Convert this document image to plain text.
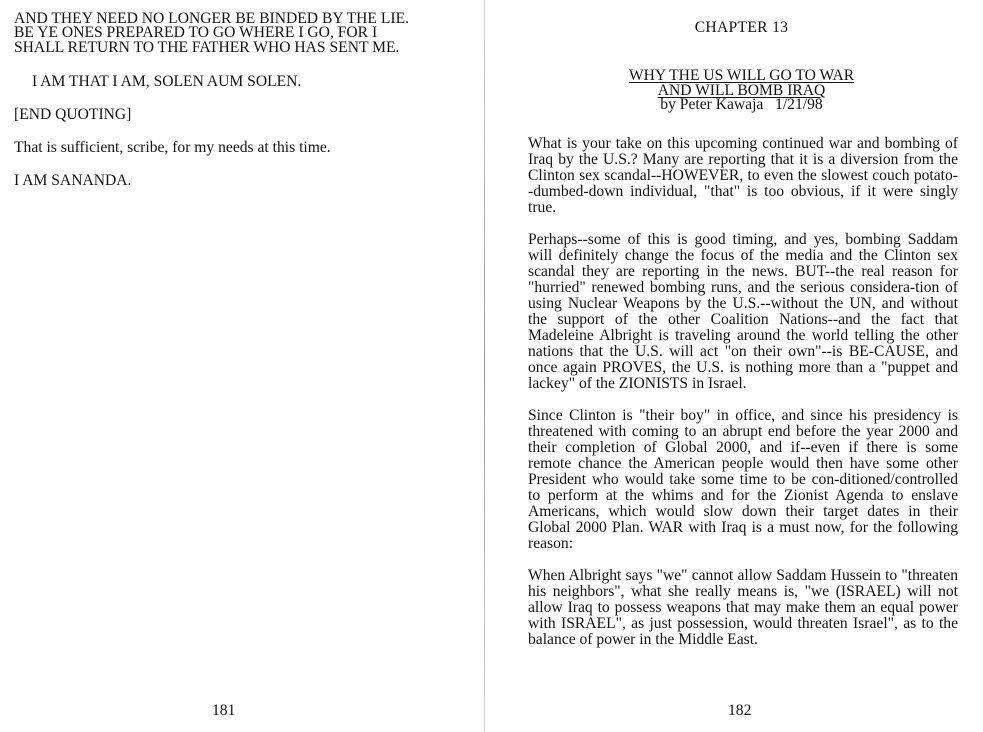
AND THEY NEED NO LONGER BE BINDED BY THE LIE.

BE YE ONES PREPARED TO GO WHERE I GO, FOR I

SHALL RETURN TO THE FATHER WHO HAS SENT ME.

I AM THAT I AM, SOLEN AUM SOLEN.

[END QUOTING]

That is sufficient, scribe, for my needs at this time.

I AM SANANDA.

181
CHAPTER 13
WHY THE US WILL GO TO WAR
AND WILL BOMB IRAQ

by Peter Kawaja   1/21/98

What is your take on this upcoming continued war and bombing of Iraq by the U.S.? Many are reporting that it is a diversion from the Clinton sex scandal--HOWEVER, to even the slowest couch potato--dumbed-down individual, "that" is too obvious, if it were singly true.

Perhaps--some of this is good timing, and yes, bombing Saddam will definitely change the focus of the media and the Clinton sex scandal they are reporting in the news. BUT--the real reason for "hurried" renewed bombing runs, and the serious considera-tion of using Nuclear Weapons by the U.S.--without the UN, and without the support of the other Coalition Nations--and the fact that Madeleine Albright is traveling around the world telling the other nations that the U.S. will act "on their own"--is BE-CAUSE, and once again PROVES, the U.S. is nothing more than a "puppet and lackey" of the ZIONISTS in Israel.

Since Clinton is "their boy" in office, and since his presidency is threatened with coming to an abrupt end before the year 2000 and their completion of Global 2000, and if--even if there is some remote chance the American people would then have some other President who would take some time to be con-ditioned/controlled to perform at the whims and for the Zionist Agenda to enslave Americans, which would slow down their target dates in their Global 2000 Plan. WAR with Iraq is a must now, for the following reason:

When Albright says "we" cannot allow Saddam Hussein to "threaten his neighbors", what she really means is, "we (ISRAEL) will not allow Iraq to possess weapons that may make them an equal power with ISRAEL", as just possession, would threaten Israel", as to the balance of power in the Middle East.

182
